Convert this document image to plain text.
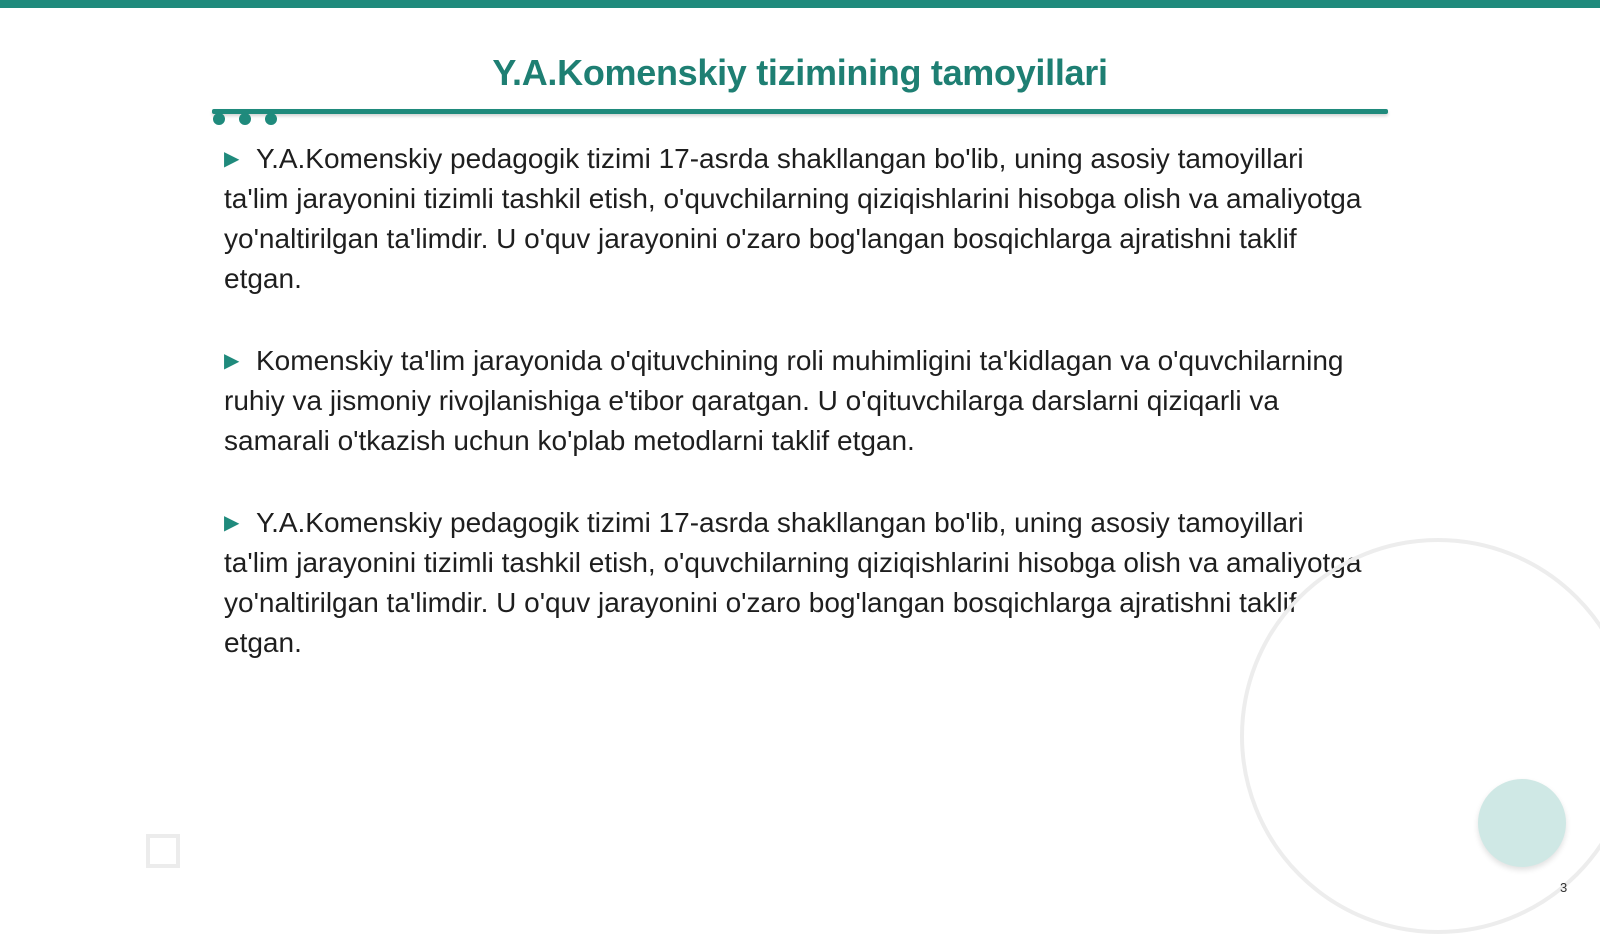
Y.A.Komenskiy tizimining tamoyillari

▶ Y.A.Komenskiy pedagogik tizimi 17-asrda shakllangan bo'lib, uning asosiy tamoyillari ta'lim jarayonini tizimli tashkil etish, o'quvchilarning qiziqishlarini hisobga olish va amaliyotga yo'naltirilgan ta'limdir. U o'quv jarayonini o'zaro bog'langan bosqichlarga ajratishni taklif etgan.

▶ Komenskiy ta'lim jarayonida o'qituvchining roli muhimligini ta'kidlagan va o'quvchilarning ruhiy va jismoniy rivojlanishiga e'tibor qaratgan. U o'qituvchilarga darslarni qiziqarli va samarali o'tkazish uchun ko'plab metodlarni taklif etgan.

▶ Y.A.Komenskiy pedagogik tizimi 17-asrda shakllangan bo'lib, uning asosiy tamoyillari ta'lim jarayonini tizimli tashkil etish, o'quvchilarning qiziqishlarini hisobga olish va amaliyotga yo'naltirilgan ta'limdir. U o'quv jarayonini o'zaro bog'langan bosqichlarga ajratishni taklif etgan.

3
